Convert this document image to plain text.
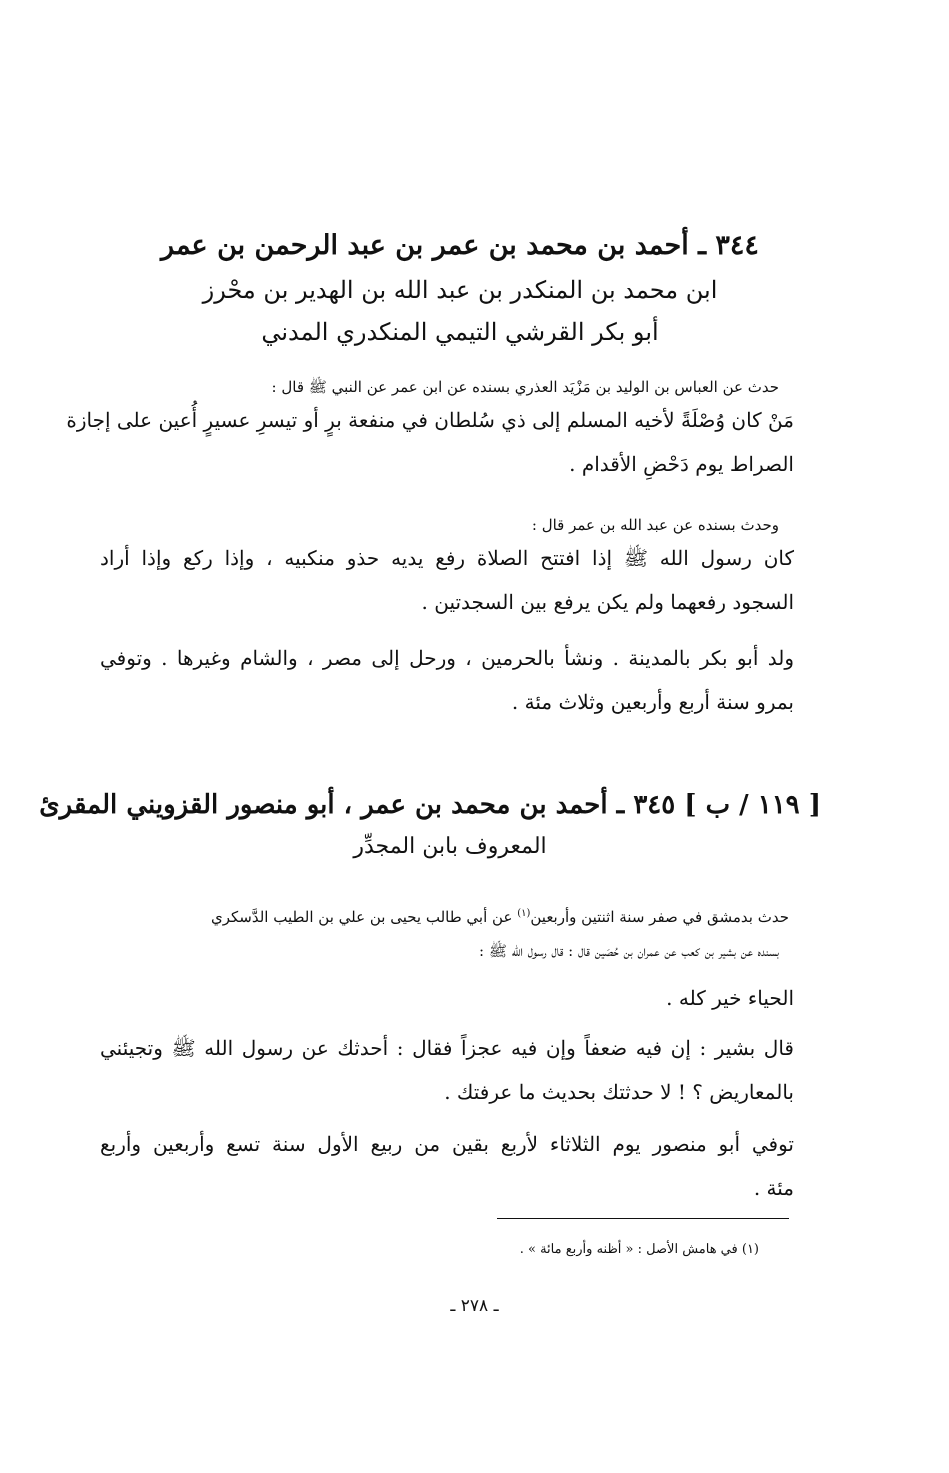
٣٤٤ ـ أحمد بن محمد بن عمر بن عبد الرحمن بن عمر
ابن محمد بن المنكدر بن عبد الله بن الهدير بن محْرز
أبو بكر القرشي التيمي المنكدري المدني
حدث عن العباس بن الوليد بن مَزْيَد العذري بسنده عن ابن عمر عن النبي ﷺ قال :
مَنْ كان وُصْلَةً لأخيه المسلم إلى ذي سُلطان في منفعة برٍ أو تيسرِ عسيرٍ أُعين على إجازة
الصراط يوم دَحْضِ الأقدام .
وحدث بسنده عن عبد الله بن عمر قال :
كان رسول الله ﷺ إذا افتتح الصلاة رفع يديه حذو منكبيه ، وإذا ركع وإذا أراد
السجود رفعهما ولم يكن يرفع بين السجدتين .
ولد أبو بكر بالمدينة . ونشأ بالحرمين ، ورحل إلى مصر ، والشام وغيرها . وتوفي
بمرو سنة أربع وأربعين وثلاث مئة .
[ ١١٩ / ب ] ٣٤٥ ـ أحمد بن محمد بن عمر ، أبو منصور القزويني المقرئ
المعروف بابن المجدِّر
حدث بدمشق في صفر سنة اثنتين وأربعين$^{(١)}$ عن أبي طالب يحيى بن علي بن الطيب الدَّسكري
بسنده عن بشير بن كعب عن عمران بن حُصَين قال : قال رسول الله ﷺ :
الحياء خير كله .
قال بشير : إن فيه ضعفاً وإن فيه عجزاً فقال : أحدثك عن رسول الله ﷺ وتجيئني
بالمعاريض ؟ ! لا حدثتك بحديث ما عرفتك .
توفي أبو منصور يوم الثلاثاء لأربع بقين من ربيع الأول سنة تسع وأربعين وأربع
مئة .
(١) في هامش الأصل : « أظنه وأربع مائة » .
ـ ٢٧٨ ـ
